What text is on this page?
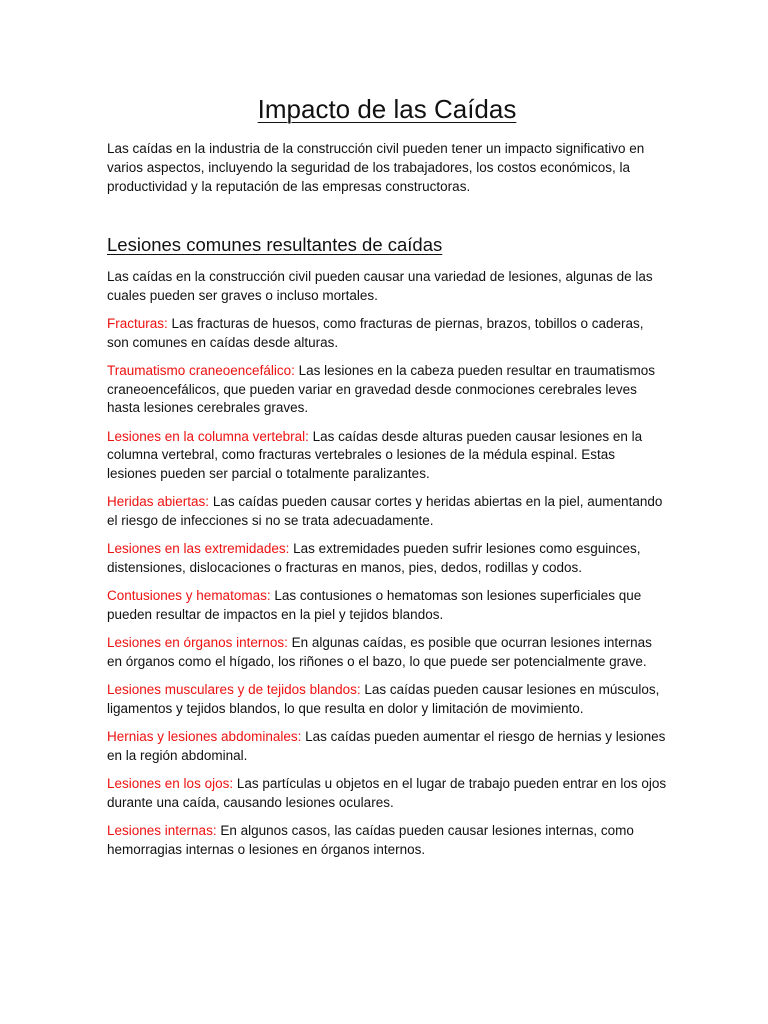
Impacto de las Caídas

Las caídas en la industria de la construcción civil pueden tener un impacto significativo en varios aspectos, incluyendo la seguridad de los trabajadores, los costos económicos, la productividad y la reputación de las empresas constructoras.

Lesiones comunes resultantes de caídas

Las caídas en la construcción civil pueden causar una variedad de lesiones, algunas de las cuales pueden ser graves o incluso mortales.

Fracturas: Las fracturas de huesos, como fracturas de piernas, brazos, tobillos o caderas, son comunes en caídas desde alturas.

Traumatismo craneoencefálico: Las lesiones en la cabeza pueden resultar en traumatismos craneoencefálicos, que pueden variar en gravedad desde conmociones cerebrales leves hasta lesiones cerebrales graves.

Lesiones en la columna vertebral: Las caídas desde alturas pueden causar lesiones en la columna vertebral, como fracturas vertebrales o lesiones de la médula espinal. Estas lesiones pueden ser parcial o totalmente paralizantes.

Heridas abiertas: Las caídas pueden causar cortes y heridas abiertas en la piel, aumentando el riesgo de infecciones si no se trata adecuadamente.

Lesiones en las extremidades: Las extremidades pueden sufrir lesiones como esguinces, distensiones, dislocaciones o fracturas en manos, pies, dedos, rodillas y codos.

Contusiones y hematomas: Las contusiones o hematomas son lesiones superficiales que pueden resultar de impactos en la piel y tejidos blandos.

Lesiones en órganos internos: En algunas caídas, es posible que ocurran lesiones internas en órganos como el hígado, los riñones o el bazo, lo que puede ser potencialmente grave.

Lesiones musculares y de tejidos blandos: Las caídas pueden causar lesiones en músculos, ligamentos y tejidos blandos, lo que resulta en dolor y limitación de movimiento.

Hernias y lesiones abdominales: Las caídas pueden aumentar el riesgo de hernias y lesiones en la región abdominal.

Lesiones en los ojos: Las partículas u objetos en el lugar de trabajo pueden entrar en los ojos durante una caída, causando lesiones oculares.

Lesiones internas: En algunos casos, las caídas pueden causar lesiones internas, como hemorragias internas o lesiones en órganos internos.
